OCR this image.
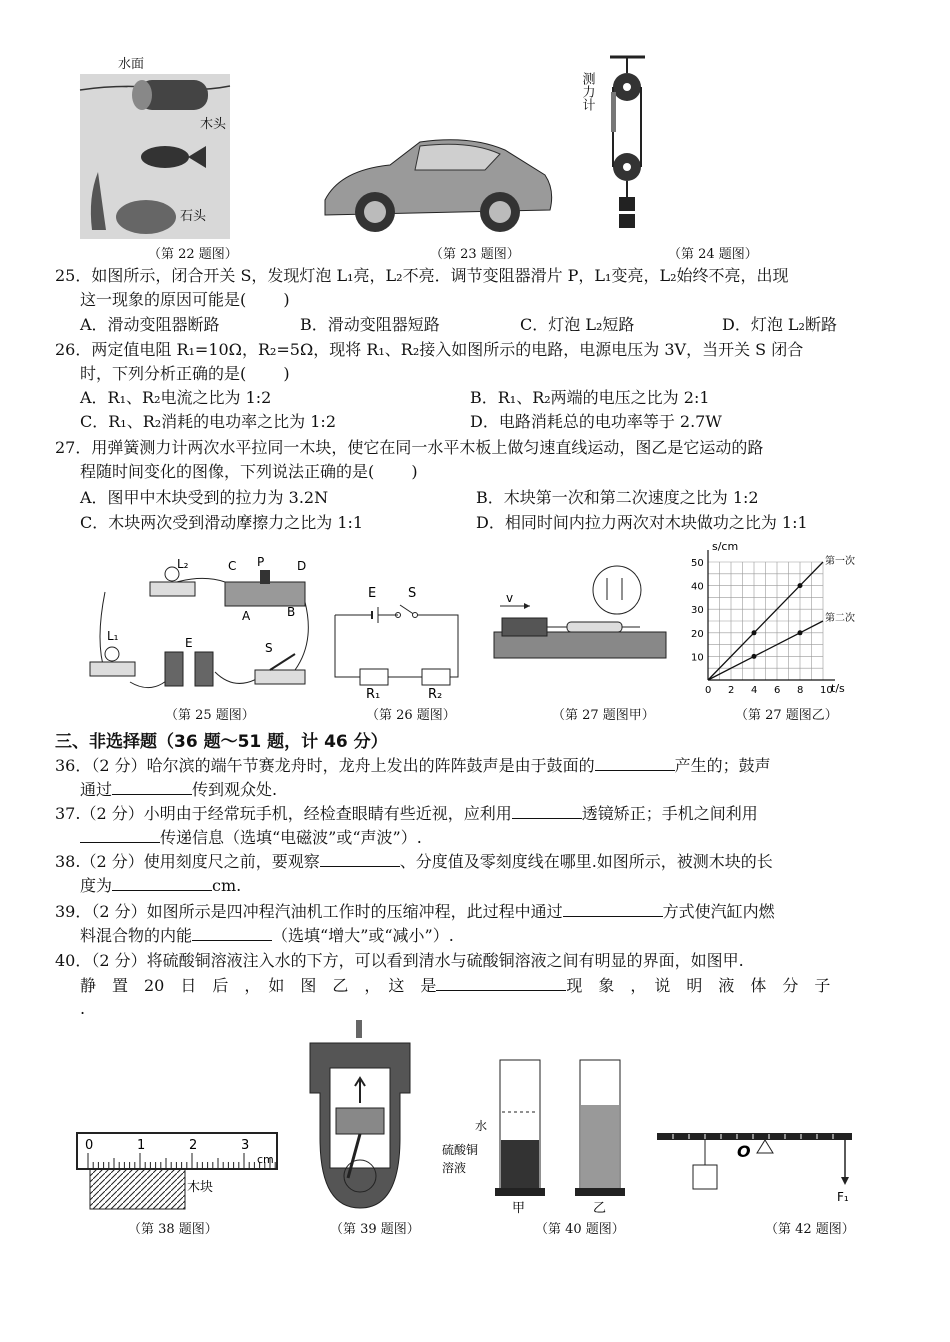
水面
木头
石头
（第 22 题图）	（第 23 题图）
测力计
（第 24 题图）
25．如图所示，闭合开关 S，发现灯泡 L₁亮，L₂不亮．调节变阻器滑片 P，L₁变亮，L₂始终不亮，出现
这一现象的原因可能是(　　 )
A．滑动变阻器断路	B．滑动变阻器短路	C．灯泡 L₂短路	D．灯泡 L₂断路
26．两定值电阻 R₁=10Ω，R₂=5Ω，现将 R₁、R₂接入如图所示的电路，电源电压为 3V，当开关 S 闭合
时，下列分析正确的是(　　 )
A．R₁、R₂电流之比为 1:2	B．R₁、R₂两端的电压之比为 2:1
C．R₁、R₂消耗的电功率之比为 1:2	D．电路消耗总的电功率等于 2.7W
27．用弹簧测力计两次水平拉同一木块，使它在同一水平木板上做匀速直线运动，图乙是它运动的路
程随时间变化的图像，下列说法正确的是(　　 )
A．图甲中木块受到的拉力为 3.2N	B．木块第一次和第二次速度之比为 1:2
C．木块两次受到滑动摩擦力之比为 1:1	D．相同时间内拉力两次对木块做功之比为 1:1
L₂	C P	D
A	B
L₁	E	S
（第 25 题图）
E S
R₁	R₂
（第 26 题图）
v
（第 27 题图甲）
0 2 4 6 8 10
10
20
30
40
50
s/cm
t/s
第一次
第二次
（第 27 题图乙）
三、非选择题（36 题～51 题，计 46 分）
36．（2 分）哈尔滨的端午节赛龙舟时，龙舟上发出的阵阵鼓声是由于鼓面的	产生的；鼓声
通过	传到观众处.
37.（2 分）小明由于经常玩手机，经检查眼睛有些近视，应利用	透镜矫正；手机之间利用
传递信息（选填“电磁波”或“声波”）.
38.（2 分）使用刻度尺之前，要观察	、分度值及零刻度线在哪里.如图所示，被测木块的长
度为	cm.
39．（2 分）如图所示是四冲程汽油机工作时的压缩冲程，此过程中通过	方式使汽缸内燃
料混合物的内能	（选填“增大”或“减小”）.
40．（2 分）将硫酸铜溶液注入水的下方，可以看到清水与硫酸铜溶液之间有明显的界面，如图甲.
静　置　20　日　后　，　如　图　乙　，　这　是	现　象　，　说　明　液　体　分　子
.
0	1	2	3
cm
木块
（第 38 题图）	（第 39 题图）
水
硫酸铜
溶液
甲	乙
（第 40 题图）
O
F₁
（第 42 题图）
